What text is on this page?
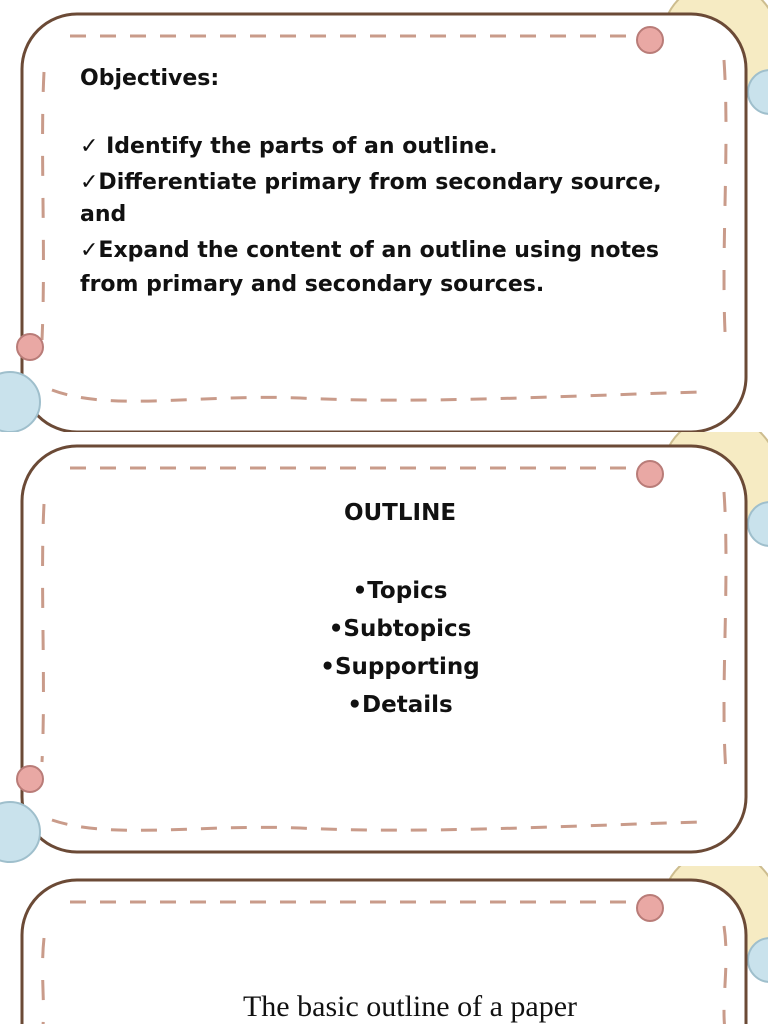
Objectives:
✓ Identify the parts of an outline.
✓Differentiate primary from secondary source,
and
✓Expand the content of an outline using notes
from primary and secondary sources.
OUTLINE
•Topics
•Subtopics
•Supporting
•Details
The basic outline of a paper
